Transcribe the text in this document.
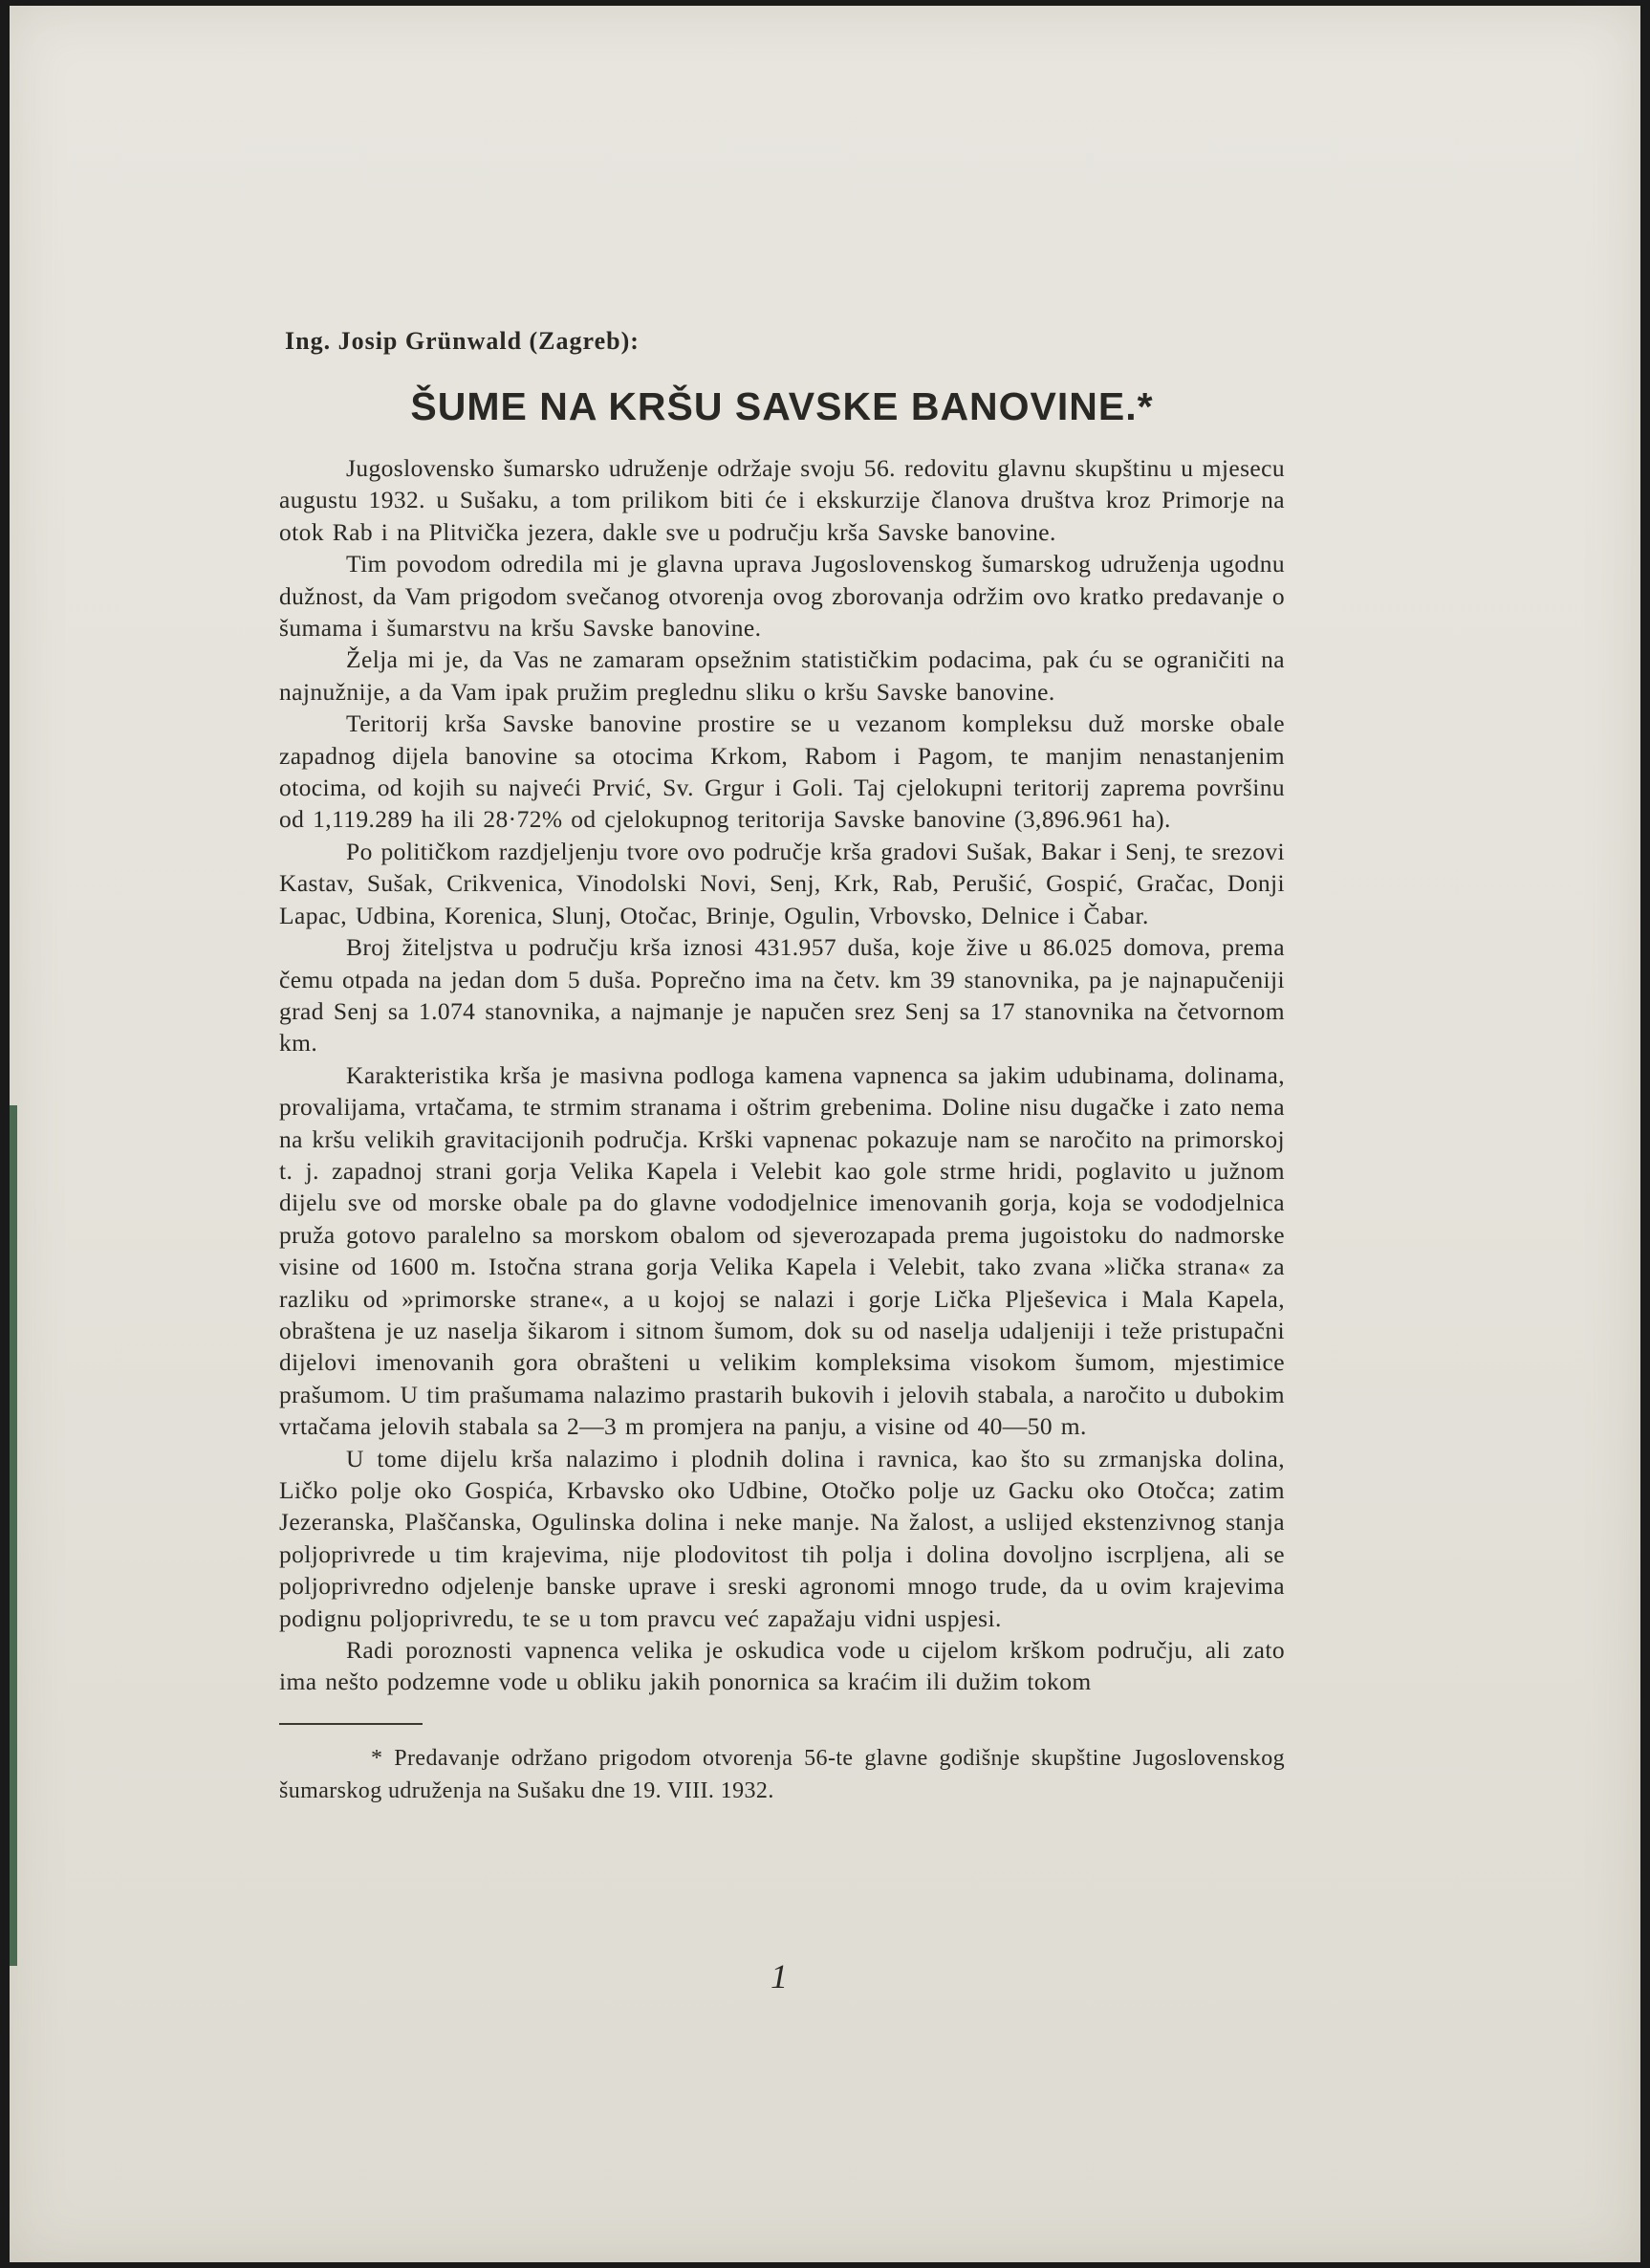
Ing. Josip Grünwald (Zagreb):
ŠUME NA KRŠU SAVSKE BANOVINE.*

Jugoslovensko šumarsko udruženje održaje svoju 56. redovitu glavnu skupštinu u mjesecu augustu 1932. u Sušaku, a tom prilikom biti će i ekskurzije članova društva kroz Primorje na otok Rab i na Plitvička jezera, dakle sve u području krša Savske banovine.

Tim povodom odredila mi je glavna uprava Jugoslovenskog šumarskog udruženja ugodnu dužnost, da Vam prigodom svečanog otvorenja ovog zborovanja održim ovo kratko predavanje o šumama i šumarstvu na kršu Savske banovine.

Želja mi je, da Vas ne zamaram opsežnim statističkim podacima, pak ću se ograničiti na najnužnije, a da Vam ipak pružim preglednu sliku o kršu Savske banovine.

Teritorij krša Savske banovine prostire se u vezanom kompleksu duž morske obale zapadnog dijela banovine sa otocima Krkom, Rabom i Pagom, te manjim nenastanjenim otocima, od kojih su najveći Prvić, Sv. Grgur i Goli. Taj cjelokupni teritorij zaprema površinu od 1,119.289 ha ili 28·72% od cjelokupnog teritorija Savske banovine (3,896.961 ha).

Po političkom razdjeljenju tvore ovo područje krša gradovi Sušak, Bakar i Senj, te srezovi Kastav, Sušak, Crikvenica, Vinodolski Novi, Senj, Krk, Rab, Perušić, Gospić, Gračac, Donji Lapac, Udbina, Korenica, Slunj, Otočac, Brinje, Ogulin, Vrbovsko, Delnice i Čabar.

Broj žiteljstva u području krša iznosi 431.957 duša, koje žive u 86.025 domova, prema čemu otpada na jedan dom 5 duša. Poprečno ima na četv. km 39 stanovnika, pa je najnapučeniji grad Senj sa 1.074 stanovnika, a najmanje je napučen srez Senj sa 17 stanovnika na četvornom km.

Karakteristika krša je masivna podloga kamena vapnenca sa jakim udubinama, dolinama, provalijama, vrtačama, te strmim stranama i oštrim grebenima. Doline nisu dugačke i zato nema na kršu velikih gravitacijonih područja. Krški vapnenac pokazuje nam se naročito na primorskoj t. j. zapadnoj strani gorja Velika Kapela i Velebit kao gole strme hridi, poglavito u južnom dijelu sve od morske obale pa do glavne vododjelnice imenovanih gorja, koja se vododjelnica pruža gotovo paralelno sa morskom obalom od sjeverozapada prema jugoistoku do nadmorske visine od 1600 m. Istočna strana gorja Velika Kapela i Velebit, tako zvana »lička strana« za razliku od »primorske strane«, a u kojoj se nalazi i gorje Lička Plješevica i Mala Kapela, obraštena je uz naselja šikarom i sitnom šumom, dok su od naselja udaljeniji i teže pristupačni dijelovi imenovanih gora obrašteni u velikim kompleksima visokom šumom, mjestimice prašumom. U tim prašumama nalazimo prastarih bukovih i jelovih stabala, a naročito u dubokim vrtačama jelovih stabala sa 2—3 m promjera na panju, a visine od 40—50 m.

U tome dijelu krša nalazimo i plodnih dolina i ravnica, kao što su zrmanjska dolina, Ličko polje oko Gospića, Krbavsko oko Udbine, Otočko polje uz Gacku oko Otočca; zatim Jezeranska, Plaščanska, Ogulinska dolina i neke manje. Na žalost, a uslijed ekstenzivnog stanja poljoprivrede u tim krajevima, nije plodovitost tih polja i dolina dovoljno iscrpljena, ali se poljoprivredno odjelenje banske uprave i sreski agronomi mnogo trude, da u ovim krajevima podignu poljoprivredu, te se u tom pravcu već zapažaju vidni uspjesi.

Radi poroznosti vapnenca velika je oskudica vode u cijelom krškom području, ali zato ima nešto podzemne vode u obliku jakih ponornica sa kraćim ili dužim tokom

* Predavanje održano prigodom otvorenja 56-te glavne godišnje skupštine Jugoslovenskog šumarskog udruženja na Sušaku dne 19. VIII. 1932.

1
